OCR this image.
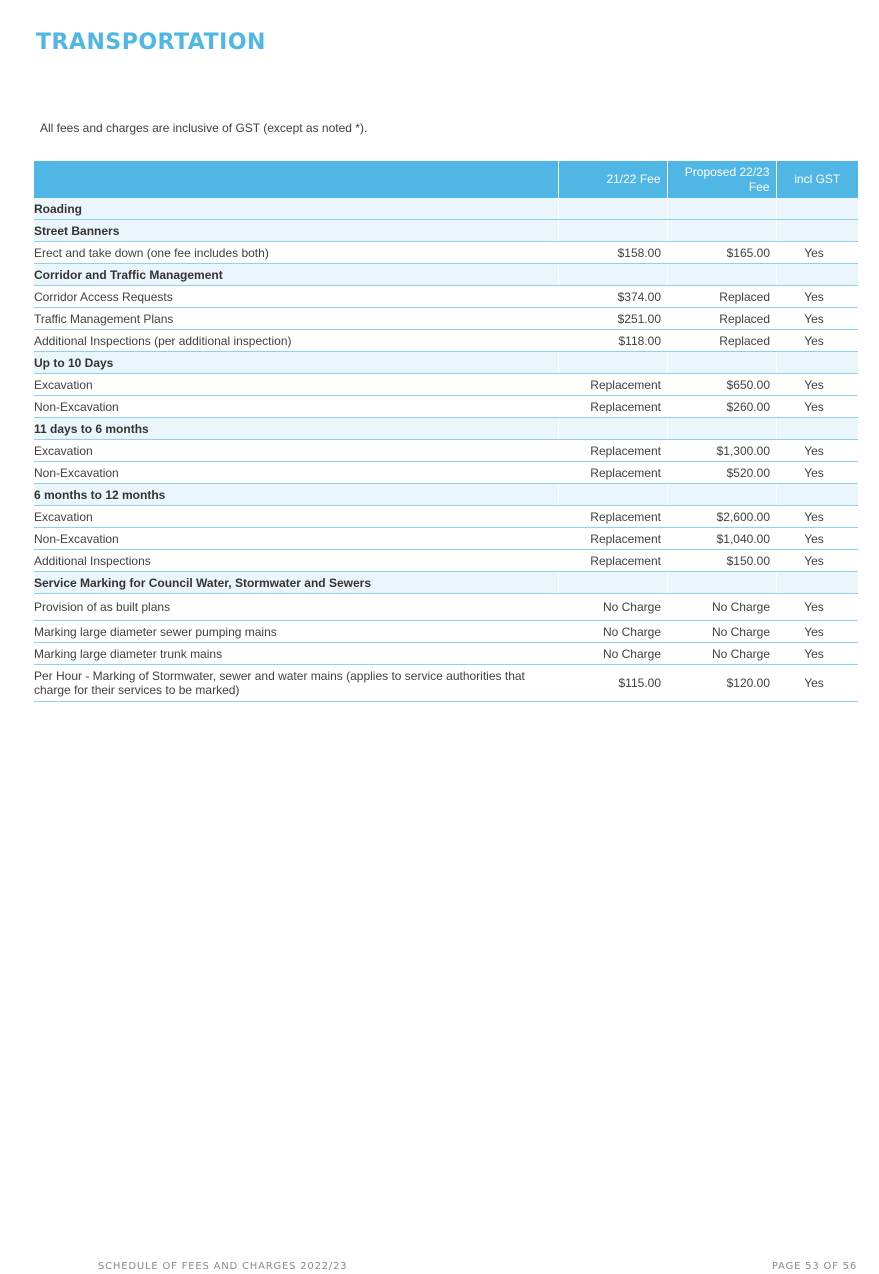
TRANSPORTATION
All fees and charges are inclusive of GST (except as noted *).
	21/22 Fee	Proposed 22/23 Fee	incl GST
Roading			
Street Banners			
Erect and take down (one fee includes both)	$158.00	$165.00	Yes
Corridor and Traffic Management			
Corridor Access Requests	$374.00	Replaced	Yes
Traffic Management Plans	$251.00	Replaced	Yes
Additional Inspections (per additional inspection)	$118.00	Replaced	Yes
Up to 10 Days			
Excavation	Replacement	$650.00	Yes
Non-Excavation	Replacement	$260.00	Yes
11 days to 6 months			
Excavation	Replacement	$1,300.00	Yes
Non-Excavation	Replacement	$520.00	Yes
6 months to 12 months			
Excavation	Replacement	$2,600.00	Yes
Non-Excavation	Replacement	$1,040.00	Yes
Additional Inspections	Replacement	$150.00	Yes
Service Marking for Council Water, Stormwater and Sewers			
Provision of as built plans	No Charge	No Charge	Yes
Marking large diameter sewer pumping mains	No Charge	No Charge	Yes
Marking large diameter trunk mains	No Charge	No Charge	Yes
Per Hour - Marking of Stormwater, sewer and water mains (applies to service authorities that charge for their services to be marked)	$115.00	$120.00	Yes
SCHEDULE OF FEES AND CHARGES 2022/23	PAGE 53 OF 56
